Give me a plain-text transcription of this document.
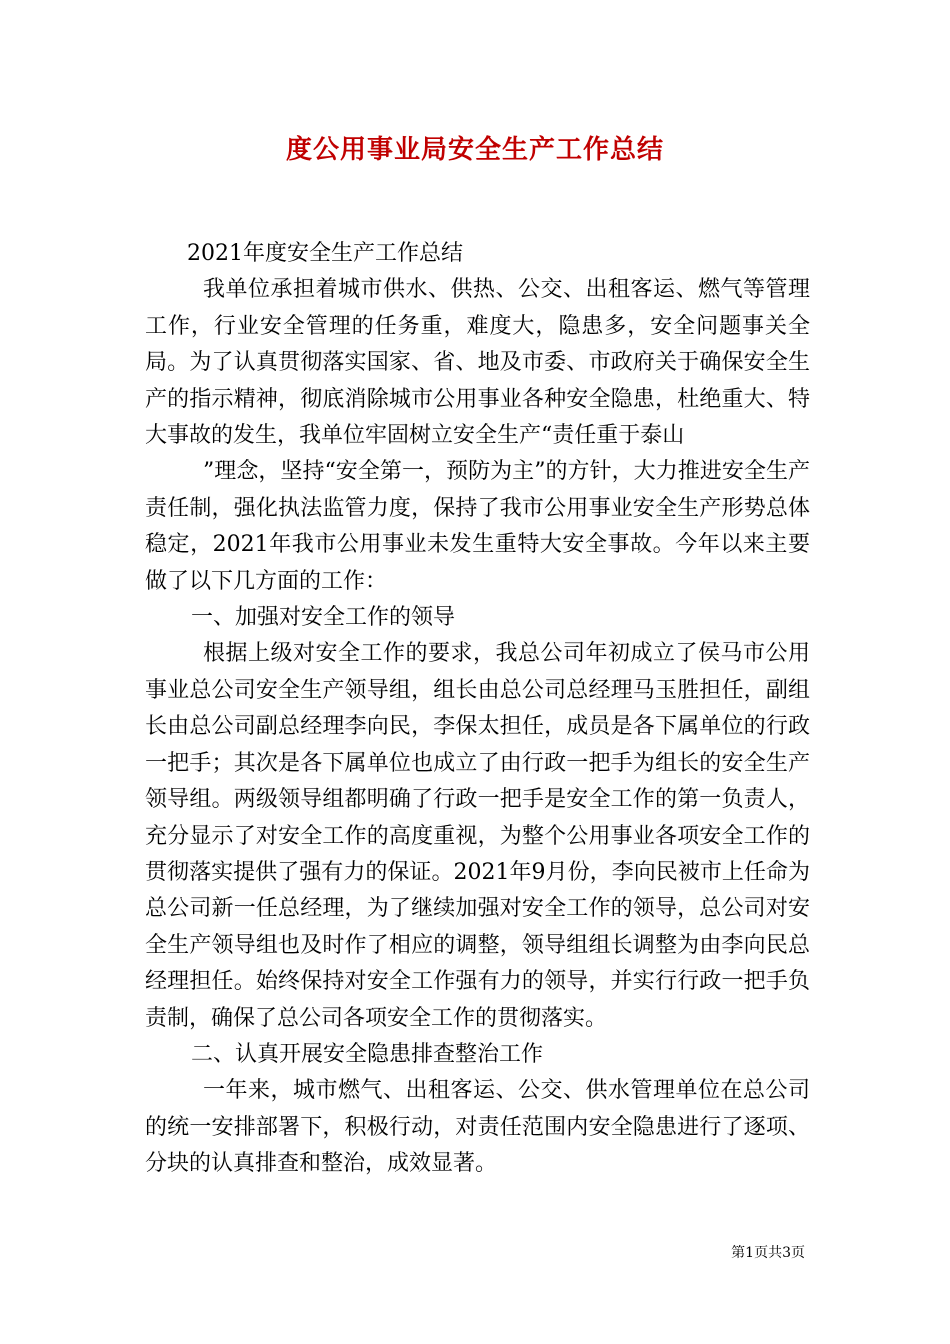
度公用事业局安全生产工作总结

2021年度安全生产工作总结

我单位承担着城市供水、供热、公交、出租客运、燃气等管理工作，行业安全管理的任务重，难度大，隐患多，安全问题事关全局。为了认真贯彻落实国家、省、地及市委、市政府关于确保安全生产的指示精神，彻底消除城市公用事业各种安全隐患，杜绝重大、特大事故的发生，我单位牢固树立安全生产“责任重于泰山

”理念，坚持“安全第一，预防为主”的方针，大力推进安全生产责任制，强化执法监管力度，保持了我市公用事业安全生产形势总体稳定，2021年我市公用事业未发生重特大安全事故。今年以来主要做了以下几方面的工作：

一、加强对安全工作的领导

根据上级对安全工作的要求，我总公司年初成立了侯马市公用事业总公司安全生产领导组，组长由总公司总经理马玉胜担任，副组长由总公司副总经理李向民，李保太担任，成员是各下属单位的行政一把手；其次是各下属单位也成立了由行政一把手为组长的安全生产领导组。两级领导组都明确了行政一把手是安全工作的第一负责人，充分显示了对安全工作的高度重视，为整个公用事业各项安全工作的贯彻落实提供了强有力的保证。2021年9月份，李向民被市上任命为总公司新一任总经理，为了继续加强对安全工作的领导，总公司对安全生产领导组也及时作了相应的调整，领导组组长调整为由李向民总经理担任。始终保持对安全工作强有力的领导，并实行行政一把手负责制，确保了总公司各项安全工作的贯彻落实。

二、认真开展安全隐患排查整治工作

一年来，城市燃气、出租客运、公交、供水管理单位在总公司的统一安排部署下，积极行动，对责任范围内安全隐患进行了逐项、分块的认真排查和整治，成效显著。

第1页共3页
